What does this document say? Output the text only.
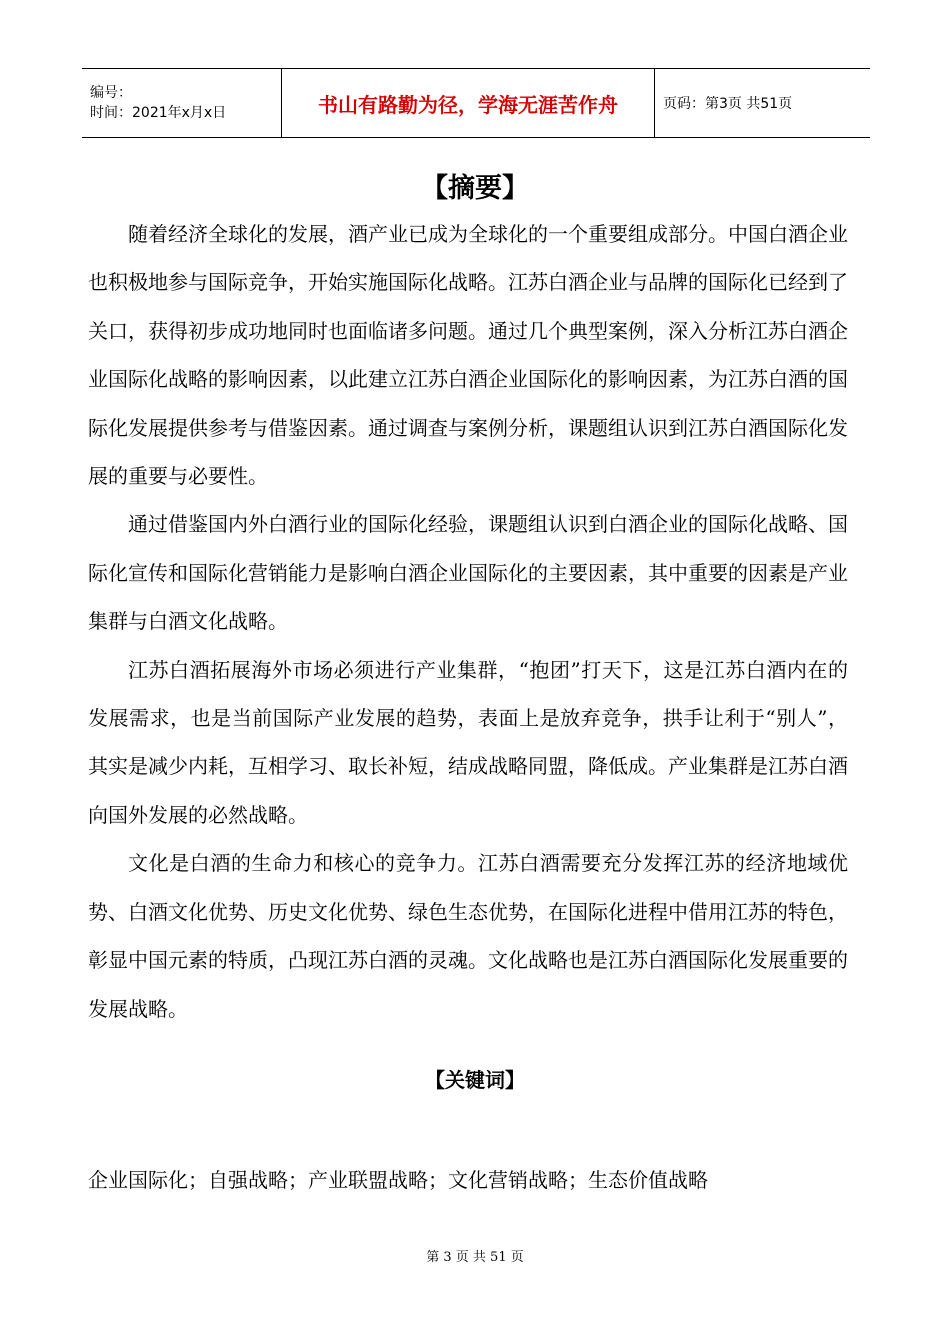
编号：
时间：2021年x月x日	书山有路勤为径，学海无涯苦作舟	页码：第3页 共51页
【摘要】

随着经济全球化的发展，酒产业已成为全球化的一个重要组成部分。中国白酒企业也积极地参与国际竞争，开始实施国际化战略。江苏白酒企业与品牌的国际化已经到了关口，获得初步成功地同时也面临诸多问题。通过几个典型案例，深入分析江苏白酒企业国际化战略的影响因素，以此建立江苏白酒企业国际化的影响因素，为江苏白酒的国际化发展提供参考与借鉴因素。通过调查与案例分析，课题组认识到江苏白酒国际化发展的重要与必要性。

通过借鉴国内外白酒行业的国际化经验，课题组认识到白酒企业的国际化战略、国际化宣传和国际化营销能力是影响白酒企业国际化的主要因素，其中重要的因素是产业集群与白酒文化战略。

江苏白酒拓展海外市场必须进行产业集群，“抱团”打天下，这是江苏白酒内在的发展需求，也是当前国际产业发展的趋势，表面上是放弃竞争，拱手让利于“别人”，其实是减少内耗，互相学习、取长补短，结成战略同盟，降低成。产业集群是江苏白酒向国外发展的必然战略。

文化是白酒的生命力和核心的竞争力。江苏白酒需要充分发挥江苏的经济地域优势、白酒文化优势、历史文化优势、绿色生态优势，在国际化进程中借用江苏的特色，彰显中国元素的特质，凸现江苏白酒的灵魂。文化战略也是江苏白酒国际化发展重要的发展战略。

【关键词】
企业国际化；自强战略；产业联盟战略；文化营销战略；生态价值战略
第 3 页 共 51 页
